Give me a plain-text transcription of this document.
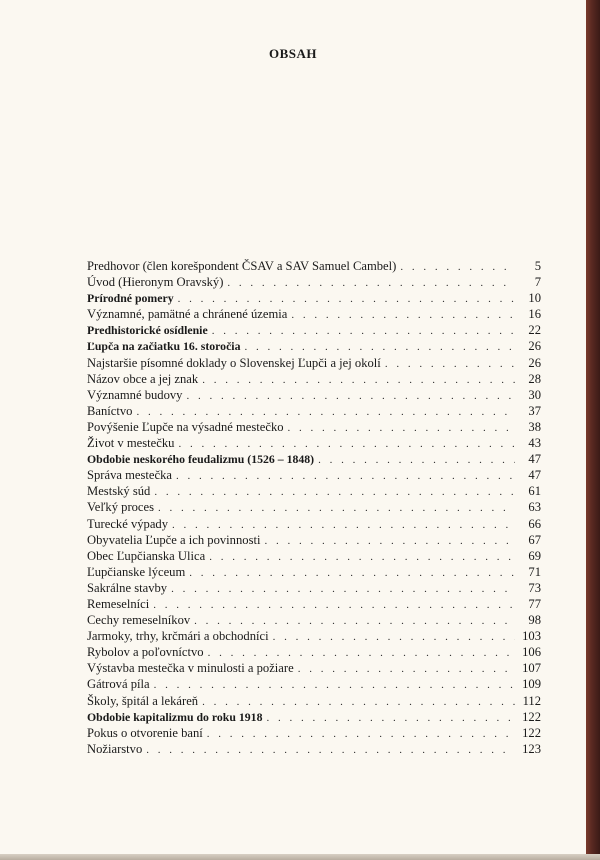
OBSAH
Predhovor (člen korešpondent ČSAV a SAV Samuel Cambel) . . .	5
Úvod (Hieronym Oravský) . . .	7
Prírodné pomery . . .	10
Významné, pamätné a chránené územia . . .	16
Predhistorické osídlenie . . .	22
Ľupča na začiatku 16. storočia . . .	26
Najstaršie písomné doklady o Slovenskej Ľupči a jej okolí . . .	26
Názov obce a jej znak . . .	28
Významné budovy . . .	30
Baníctvo . . .	37
Povýšenie Ľupče na výsadné mestečko . . .	38
Život v mestečku . . .	43
Obdobie neskorého feudalizmu (1526 – 1848) . . .	47
Správa mestečka . . .	47
Mestský súd . . .	61
Veľký proces . . .	63
Turecké výpady . . .	66
Obyvatelia Ľupče a ich povinnosti . . .	67
Obec Ľupčianska Ulica . . .	69
Ľupčianske lýceum . . .	71
Sakrálne stavby . . .	73
Remeselníci . . .	77
Cechy remeselníkov . . .	98
Jarmoky, trhy, krčmári a obchodníci . . .	103
Rybolov a poľovníctvo . . .	106
Výstavba mestečka v minulosti a požiare . . .	107
Gátrová píla . . .	109
Školy, špitál a lekáreň . . .	112
Obdobie kapitalizmu do roku 1918 . . .	122
Pokus o otvorenie baní . . .	122
Nožiarstvo . . .	123
